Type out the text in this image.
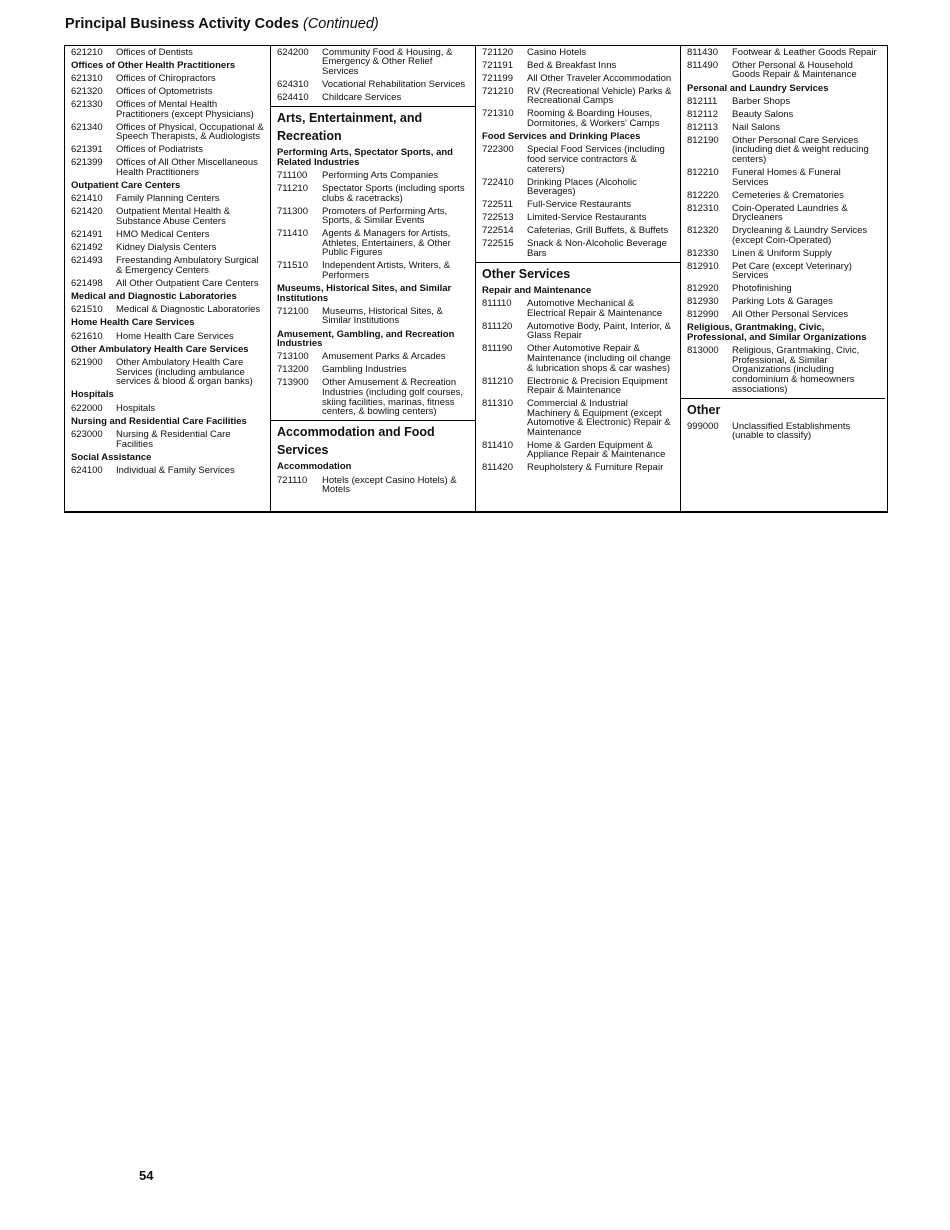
Principal Business Activity Codes (Continued)
621210	Offices of Dentists
Offices of Other Health Practitioners
621310	Offices of Chiropractors
621320	Offices of Optometrists
621330	Offices of Mental Health Practitioners (except Physicians)
621340	Offices of Physical, Occupational & Speech Therapists, & Audiologists
621391	Offices of Podiatrists
621399	Offices of All Other Miscellaneous Health Practitioners
Outpatient Care Centers
621410	Family Planning Centers
621420	Outpatient Mental Health & Substance Abuse Centers
621491	HMO Medical Centers
621492	Kidney Dialysis Centers
621493	Freestanding Ambulatory Surgical & Emergency Centers
621498	All Other Outpatient Care Centers
Medical and Diagnostic Laboratories
621510	Medical & Diagnostic Laboratories
Home Health Care Services
621610	Home Health Care Services
Other Ambulatory Health Care Services
621900	Other Ambulatory Health Care Services (including ambulance services & blood & organ banks)
Hospitals
622000	Hospitals
Nursing and Residential Care Facilities
623000	Nursing & Residential Care Facilities
Social Assistance
624100	Individual & Family Services
624200	Community Food & Housing, & Emergency & Other Relief Services
624310	Vocational Rehabilitation Services
624410	Childcare Services
Arts, Entertainment, and Recreation
Performing Arts, Spectator Sports, and Related Industries
711100	Performing Arts Companies
711210	Spectator Sports (including sports clubs & racetracks)
711300	Promoters of Performing Arts, Sports, & Similar Events
711410	Agents & Managers for Artists, Athletes, Entertainers, & Other Public Figures
711510	Independent Artists, Writers, & Performers
Museums, Historical Sites, and Similar Institutions
712100	Museums, Historical Sites, & Similar Institutions
Amusement, Gambling, and Recreation Industries
713100	Amusement Parks & Arcades
713200	Gambling Industries
713900	Other Amusement & Recreation Industries (including golf courses, skiing facilities, marinas, fitness centers, & bowling centers)
Accommodation and Food Services
Accommodation
721110	Hotels (except Casino Hotels) & Motels
721120	Casino Hotels
721191	Bed & Breakfast Inns
721199	All Other Traveler Accommodation
721210	RV (Recreational Vehicle) Parks & Recreational Camps
721310	Rooming & Boarding Houses, Dormitories, & Workers' Camps
Food Services and Drinking Places
722300	Special Food Services (including food service contractors & caterers)
722410	Drinking Places (Alcoholic Beverages)
722511	Full-Service Restaurants
722513	Limited-Service Restaurants
722514	Cafeterias, Grill Buffets, & Buffets
722515	Snack & Non-Alcoholic Beverage Bars
Other Services
Repair and Maintenance
811110	Automotive Mechanical & Electrical Repair & Maintenance
811120	Automotive Body, Paint, Interior, & Glass Repair
811190	Other Automotive Repair & Maintenance (including oil change & lubrication shops & car washes)
811210	Electronic & Precision Equipment Repair & Maintenance
811310	Commercial & Industrial Machinery & Equipment (except Automotive & Electronic) Repair & Maintenance
811410	Home & Garden Equipment & Appliance Repair & Maintenance
811420	Reupholstery & Furniture Repair
811430	Footwear & Leather Goods Repair
811490	Other Personal & Household Goods Repair & Maintenance
Personal and Laundry Services
812111	Barber Shops
812112	Beauty Salons
812113	Nail Salons
812190	Other Personal Care Services (including diet & weight reducing centers)
812210	Funeral Homes & Funeral Services
812220	Cemeteries & Crematories
812310	Coin-Operated Laundries & Drycleaners
812320	Drycleaning & Laundry Services (except Coin-Operated)
812330	Linen & Uniform Supply
812910	Pet Care (except Veterinary) Services
812920	Photofinishing
812930	Parking Lots & Garages
812990	All Other Personal Services
Religious, Grantmaking, Civic, Professional, and Similar Organizations
813000	Religious, Grantmaking, Civic, Professional, & Similar Organizations (including condominium & homeowners associations)
Other
999000	Unclassified Establishments (unable to classify)
54
